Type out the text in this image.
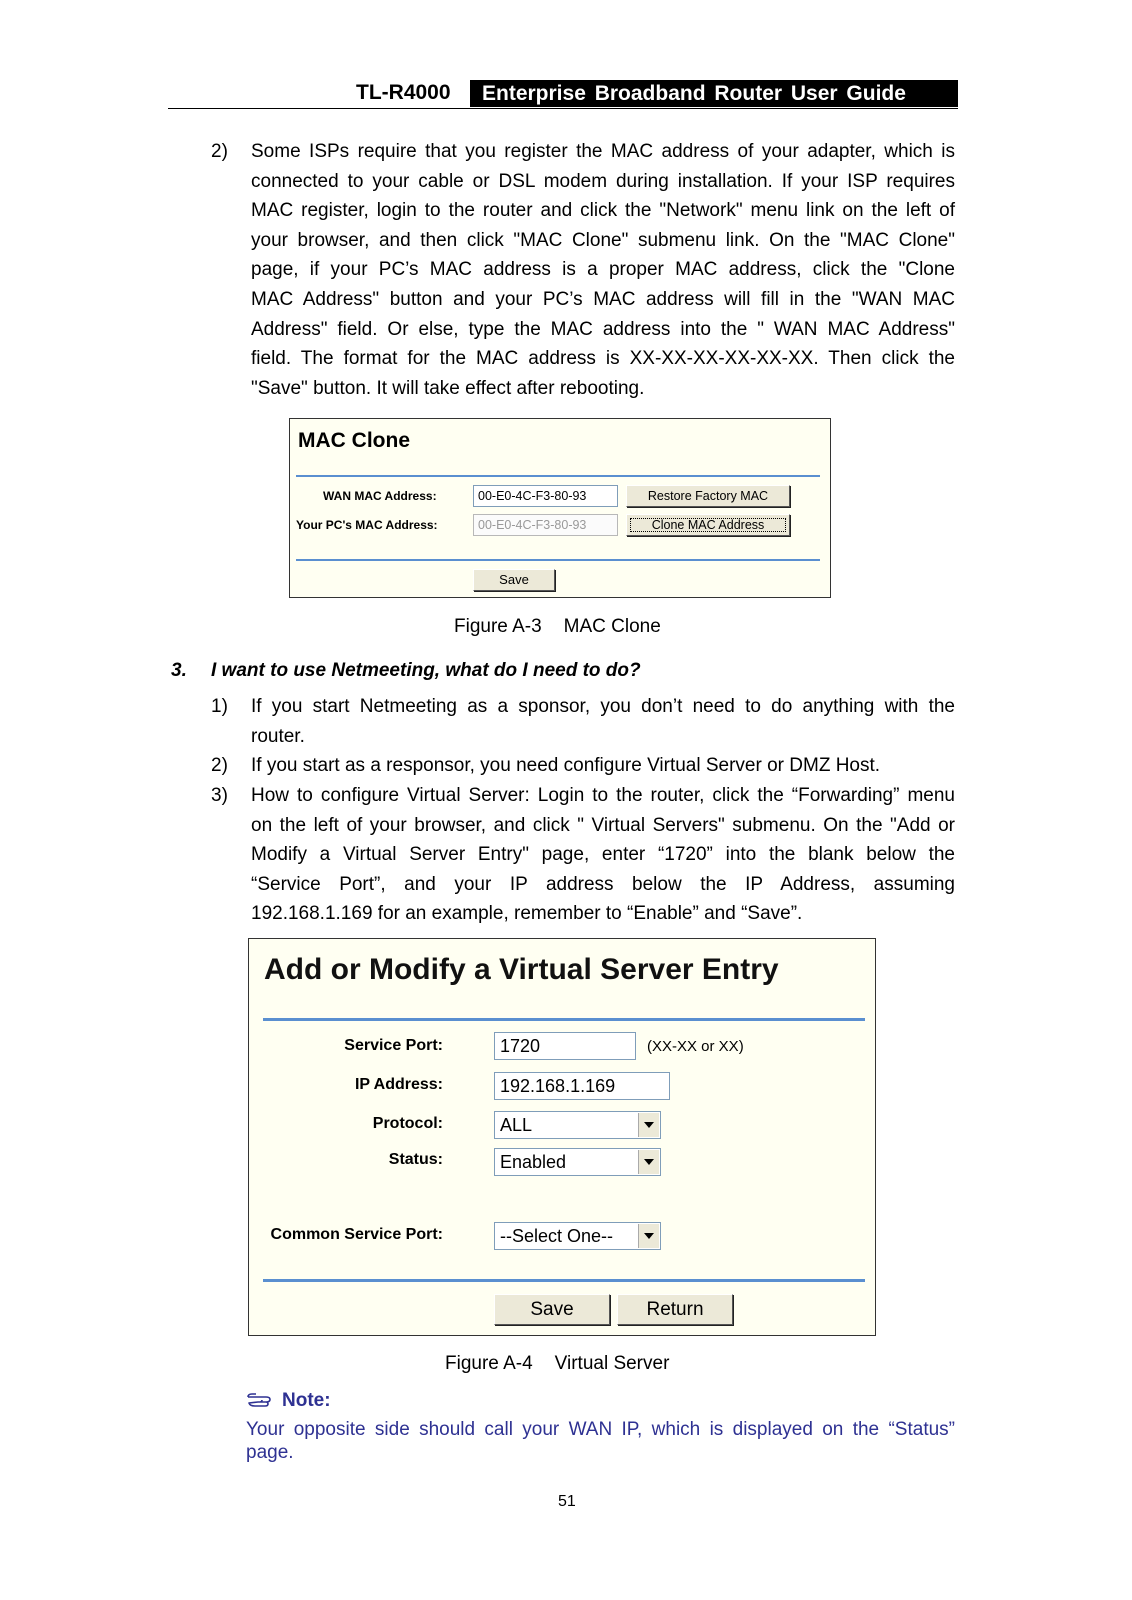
TL-R4000	Enterprise Broadband Router User Guide
2) Some ISPs require that you register the MAC address of your adapter, which is
connected to your cable or DSL modem during installation. If your ISP requires
MAC register, login to the router and click the "Network" menu link on the left of
your browser, and then click "MAC Clone" submenu link. On the "MAC Clone"
page, if your PC’s MAC address is a proper MAC address, click the "Clone
MAC Address" button and your PC’s MAC address will fill in the "WAN MAC
Address" field. Or else, type the MAC address into the " WAN MAC Address"
field. The format for the MAC address is XX-XX-XX-XX-XX-XX. Then click the
"Save" button. It will take effect after rebooting.
MAC Clone
WAN MAC Address:	00-E0-4C-F3-80-93	Restore Factory MAC
Your PC's MAC Address:	00-E0-4C-F3-80-93	Clone MAC Address
Save
Figure A-3 MAC Clone
3. I want to use Netmeeting, what do I need to do?
1) If you start Netmeeting as a sponsor, you don’t need to do anything with the
router.
2) If you start as a responsor, you need configure Virtual Server or DMZ Host.
3) How to configure Virtual Server: Login to the router, click the “Forwarding” menu
on the left of your browser, and click " Virtual Servers" submenu. On the "Add or
Modify a Virtual Server Entry" page, enter “1720” into the blank below the
“Service Port”, and your IP address below the IP Address, assuming
192.168.1.169 for an example, remember to “Enable” and “Save”.
Add or Modify a Virtual Server Entry
Service Port:	1720	(XX-XX or XX)
IP Address:	192.168.1.169
Protocol:	ALL
Status:	Enabled
Common Service Port:	--Select One--
Save	Return
Figure A-4 Virtual Server
Note:
Your opposite side should call your WAN IP, which is displayed on the “Status”
page.
51
